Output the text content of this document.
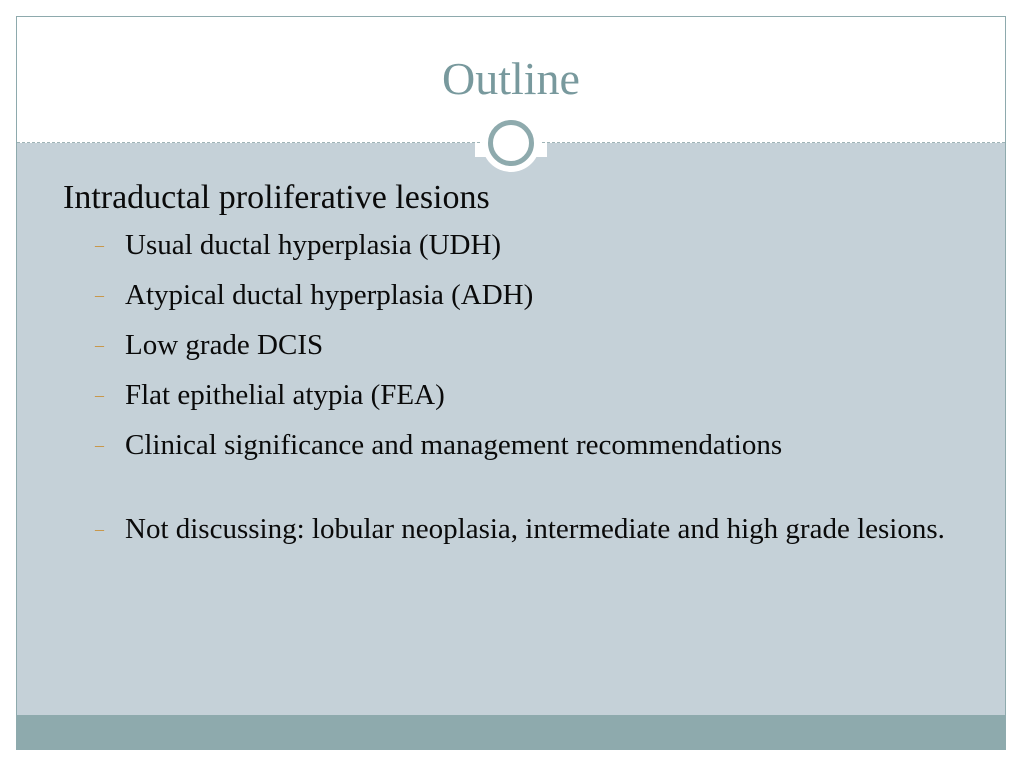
Outline
Intraductal proliferative lesions
– Usual ductal hyperplasia (UDH)
– Atypical ductal hyperplasia (ADH)
– Low grade DCIS
– Flat epithelial atypia (FEA)
– Clinical significance and management recommendations
– Not discussing: lobular neoplasia, intermediate and high grade lesions.
